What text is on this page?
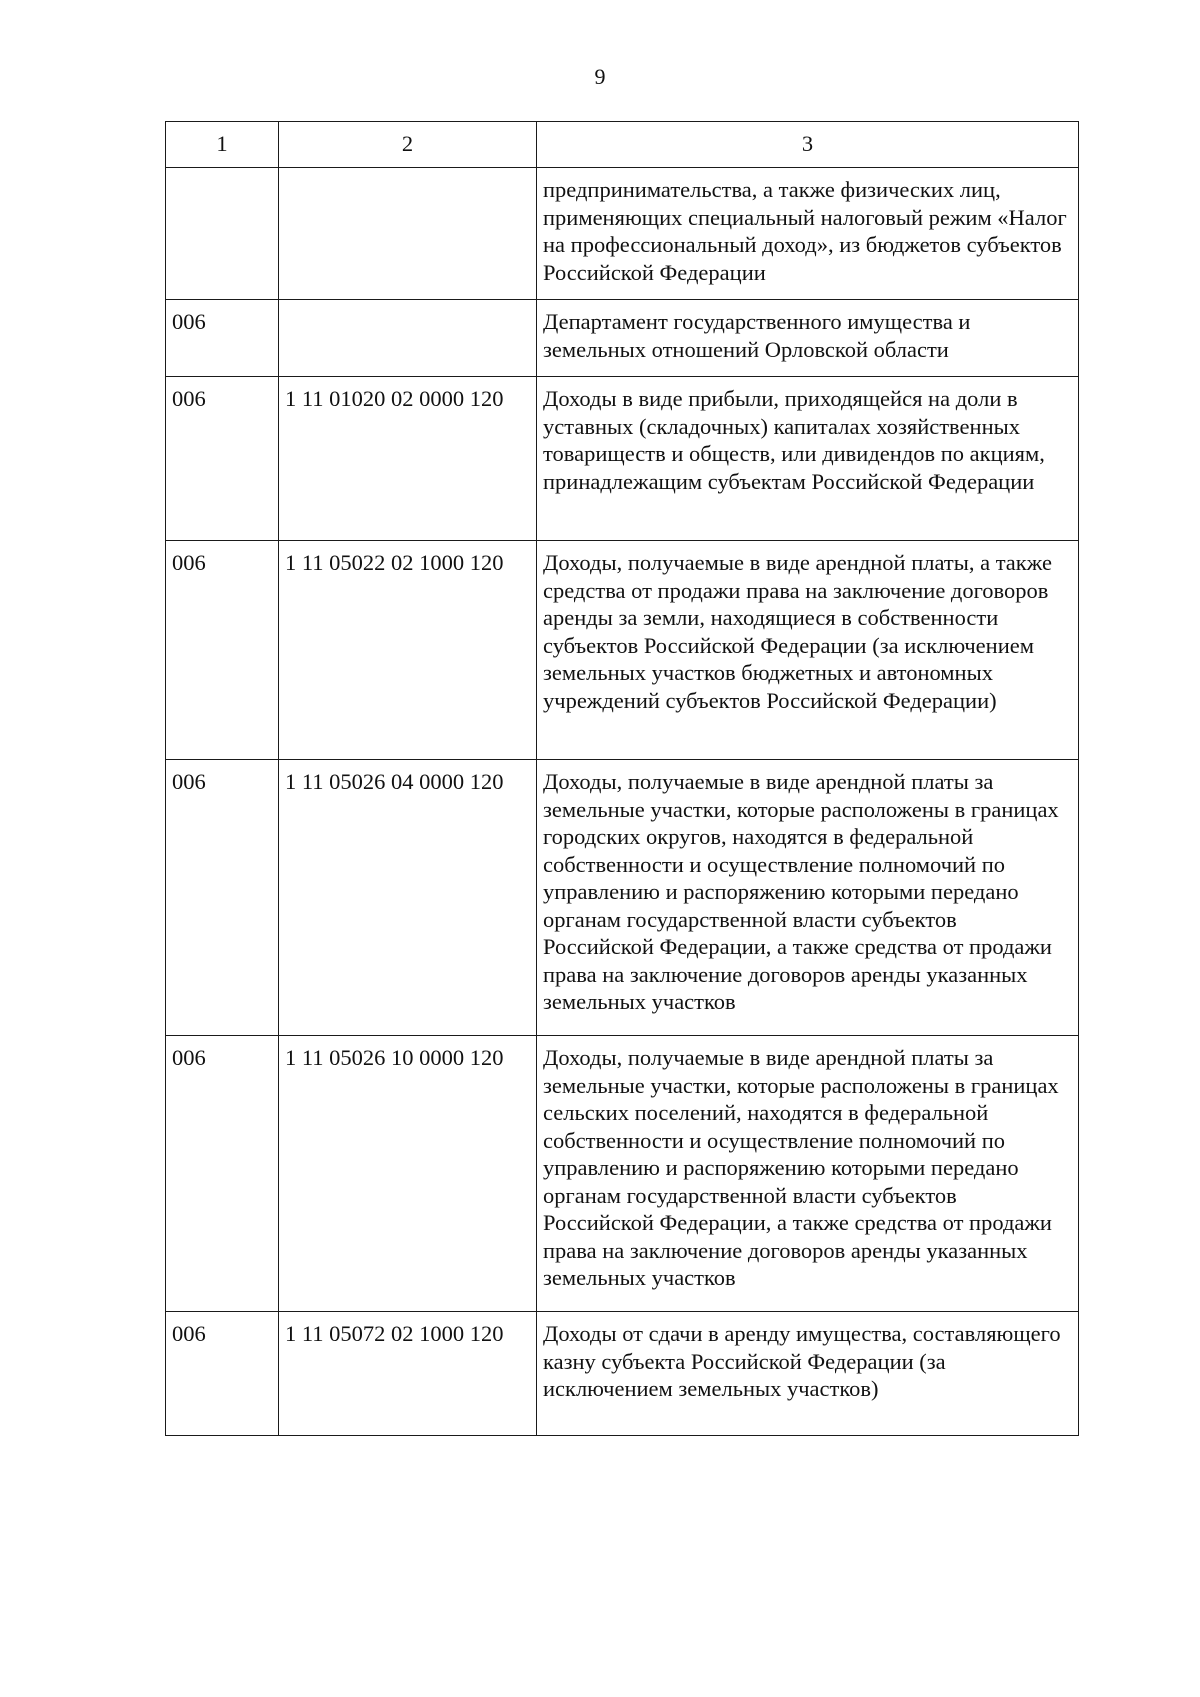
9
1	2	3
		предпринимательства, а также физических лиц, применяющих специальный налоговый режим «Налог на профессиональный доход», из бюджетов субъектов Российской Федерации
006		Департамент государственного имущества и земельных отношений Орловской области
006	1 11 01020 02 0000 120	Доходы в виде прибыли, приходящейся на доли в уставных (складочных) капиталах хозяйственных товариществ и обществ, или дивидендов по акциям, принадлежащим субъектам Российской Федерации
006	1 11 05022 02 1000 120	Доходы, получаемые в виде арендной платы, а также средства от продажи права на заключение договоров аренды за земли, находящиеся в собственности субъектов Российской Федерации (за исключением земельных участков бюджетных и автономных учреждений субъектов Российской Федерации)
006	1 11 05026 04 0000 120	Доходы, получаемые в виде арендной платы за земельные участки, которые расположены в границах городских округов, находятся в федеральной собственности и осуществление полномочий по управлению и распоряжению которыми передано органам государственной власти субъектов Российской Федерации, а также средства от продажи права на заключение договоров аренды указанных земельных участков
006	1 11 05026 10 0000 120	Доходы, получаемые в виде арендной платы за земельные участки, которые расположены в границах сельских поселений, находятся в федеральной собственности и осуществление полномочий по управлению и распоряжению которыми передано органам государственной власти субъектов Российской Федерации, а также средства от продажи права на заключение договоров аренды указанных земельных участков
006	1 11 05072 02 1000 120	Доходы от сдачи в аренду имущества, составляющего казну субъекта Российской Федерации (за исключением земельных участков)
